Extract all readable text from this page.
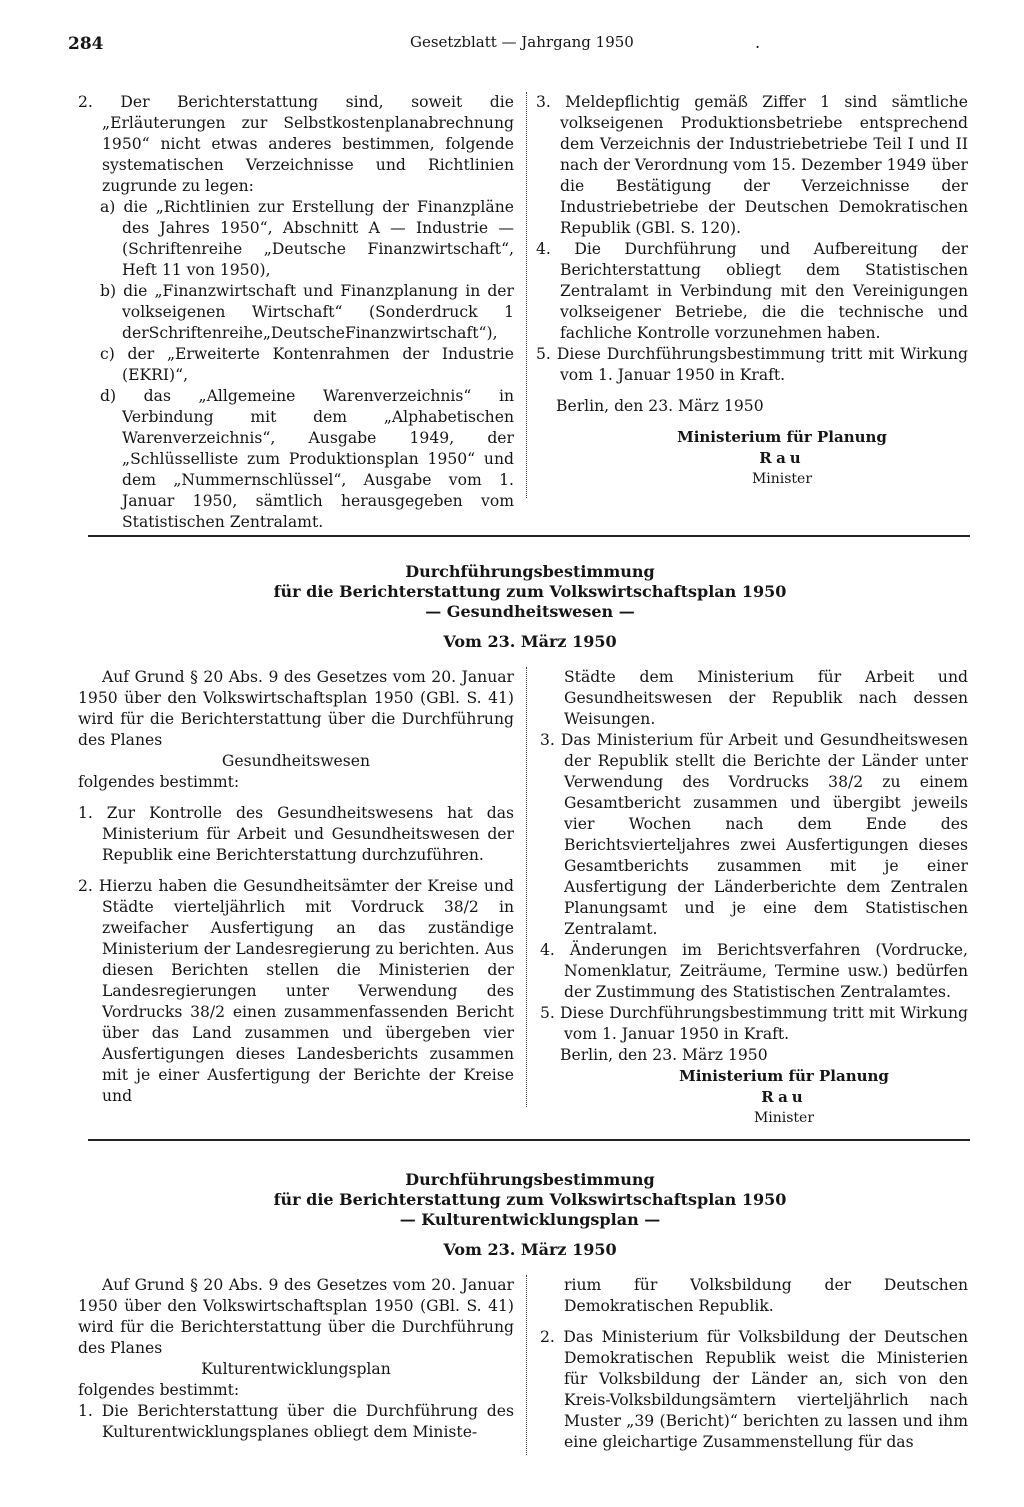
284	Gesetzblatt — Jahrgang 1950	.

2. Der Berichterstattung sind, soweit die „Erläuterungen zur Selbstkostenplanabrechnung 1950“ nicht etwas anderes bestimmen, folgende systematischen Verzeichnisse und Richtlinien zugrunde zu legen:

a) die „Richtlinien zur Erstellung der Finanzpläne des Jahres 1950“, Abschnitt A — Industrie — (Schriftenreihe „Deutsche Finanzwirtschaft“, Heft 11 von 1950),

b) die „Finanzwirtschaft und Finanzplanung in der volkseigenen Wirtschaft“ (Sonderdruck 1 derSchriftenreihe„DeutscheFinanzwirtschaft“),

c) der „Erweiterte Kontenrahmen der Industrie (EKRI)“,

d) das „Allgemeine Warenverzeichnis“ in Verbindung mit dem „Alphabetischen Warenverzeichnis“, Ausgabe 1949, der „Schlüsselliste zum Produktionsplan 1950“ und dem „Nummernschlüssel“, Ausgabe vom 1. Januar 1950, sämtlich herausgegeben vom Statistischen Zentralamt.

3. Meldepflichtig gemäß Ziffer 1 sind sämtliche volkseigenen Produktionsbetriebe entsprechend dem Verzeichnis der Industriebetriebe Teil I und II nach der Verordnung vom 15. Dezember 1949 über die Bestätigung der Verzeichnisse der Industriebetriebe der Deutschen Demokratischen Republik (GBl. S. 120).

4. Die Durchführung und Aufbereitung der Berichterstattung obliegt dem Statistischen Zentralamt in Verbindung mit den Vereinigungen volkseigener Betriebe, die die technische und fachliche Kontrolle vorzunehmen haben.

5. Diese Durchführungsbestimmung tritt mit Wirkung vom 1. Januar 1950 in Kraft.

Berlin, den 23. März 1950

Ministerium für Planung
Rau
Minister
Durchführungsbestimmung
für die Berichterstattung zum Volkswirtschaftsplan 1950
— Gesundheitswesen —
Vom 23. März 1950

Auf Grund § 20 Abs. 9 des Gesetzes vom 20. Januar 1950 über den Volkswirtschaftsplan 1950 (GBl. S. 41) wird für die Berichterstattung über die Durchführung des Planes

Gesundheitswesen

folgendes bestimmt:

1. Zur Kontrolle des Gesundheitswesens hat das Ministerium für Arbeit und Gesundheitswesen der Republik eine Berichterstattung durchzuführen.

2. Hierzu haben die Gesundheitsämter der Kreise und Städte vierteljährlich mit Vordruck 38/2 in zweifacher Ausfertigung an das zuständige Ministerium der Landesregierung zu berichten. Aus diesen Berichten stellen die Ministerien der Landesregierungen unter Verwendung des Vordrucks 38/2 einen zusammenfassenden Bericht über das Land zusammen und übergeben vier Ausfertigungen dieses Landesberichts zusammen mit je einer Ausfertigung der Berichte der Kreise und

Städte dem Ministerium für Arbeit und Gesundheitswesen der Republik nach dessen Weisungen.

3. Das Ministerium für Arbeit und Gesundheitswesen der Republik stellt die Berichte der Länder unter Verwendung des Vordrucks 38/2 zu einem Gesamtbericht zusammen und übergibt jeweils vier Wochen nach dem Ende des Berichtsvierteljahres zwei Ausfertigungen dieses Gesamtberichts zusammen mit je einer Ausfertigung der Länderberichte dem Zentralen Planungsamt und je eine dem Statistischen Zentralamt.

4. Änderungen im Berichtsverfahren (Vordrucke, Nomenklatur, Zeiträume, Termine usw.) bedürfen der Zustimmung des Statistischen Zentralamtes.

5. Diese Durchführungsbestimmung tritt mit Wirkung vom 1. Januar 1950 in Kraft.

Berlin, den 23. März 1950

Ministerium für Planung
Rau
Minister
Durchführungsbestimmung
für die Berichterstattung zum Volkswirtschaftsplan 1950
— Kulturentwicklungsplan —
Vom 23. März 1950

Auf Grund § 20 Abs. 9 des Gesetzes vom 20. Januar 1950 über den Volkswirtschaftsplan 1950 (GBl. S. 41) wird für die Berichterstattung über die Durchführung des Planes

Kulturentwicklungsplan

folgendes bestimmt:

1. Die Berichterstattung über die Durchführung des Kulturentwicklungsplanes obliegt dem Ministe-

rium für Volksbildung der Deutschen Demokratischen Republik.

2. Das Ministerium für Volksbildung der Deutschen Demokratischen Republik weist die Ministerien für Volksbildung der Länder an, sich von den Kreis-Volksbildungsämtern vierteljährlich nach Muster „39 (Bericht)“ berichten zu lassen und ihm eine gleichartige Zusammenstellung für das
